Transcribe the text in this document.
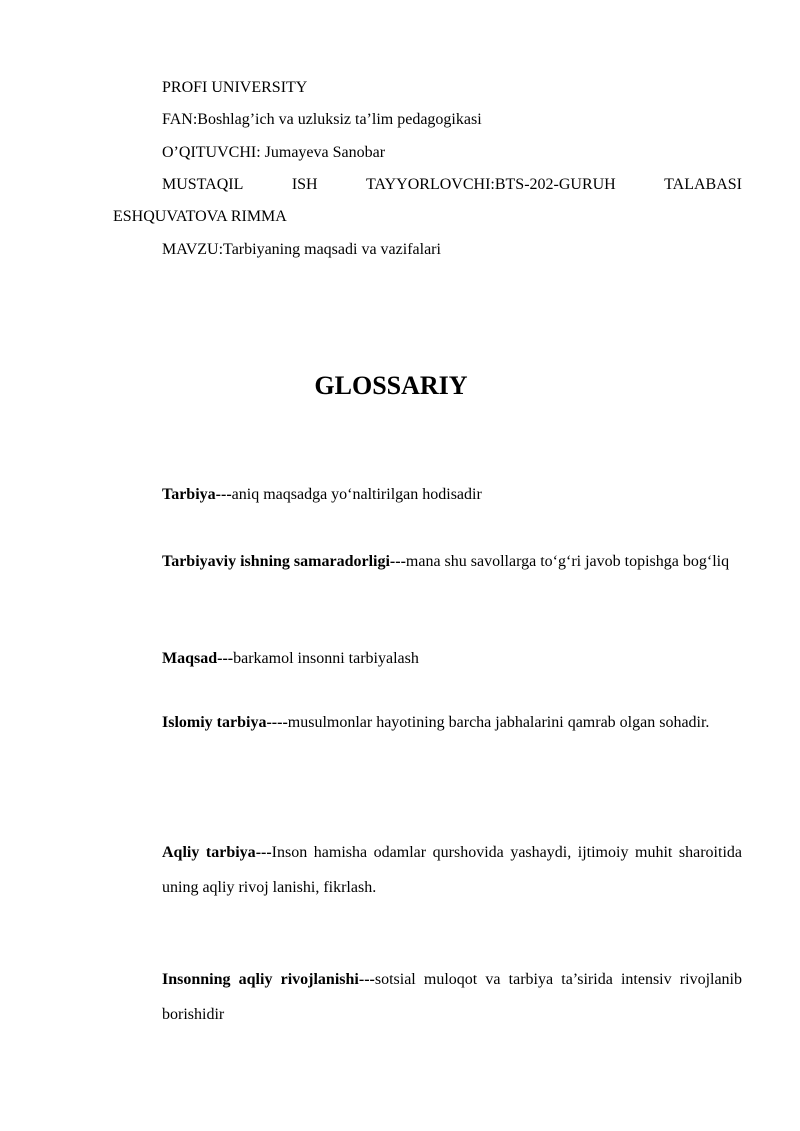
PROFI UNIVERSITY
FAN:Boshlag’ich va uzluksiz ta’lim pedagogikasi
O’QITUVCHI: Jumayeva Sanobar
MUSTAQIL	ISH	TAYYORLOVCHI:BTS-202-GURUH	TALABASI
ESHQUVATOVA RIMMA
MAVZU:Tarbiyaning maqsadi va vazifalari
GLOSSARIY
Tarbiya---aniq maqsadga yo‘naltirilgan hodisadir
Tarbiyaviy ishning samaradorligi---mana shu savollarga to‘g‘ri javob topishga bog‘liq
Maqsad---barkamol insonni tarbiyalash
Islomiy tarbiya----musulmonlar hayotining barcha jabhalarini qamrab olgan sohadir.
Aqliy tarbiya---Inson hamisha odamlar qurshovida yashaydi, ijtimoiy muhit sharoitida uning aqliy rivoj lanishi, fikrlash.
Insonning aqliy rivojlanishi---sotsial muloqot va tarbiya ta’sirida intensiv rivojlanib borishidir
